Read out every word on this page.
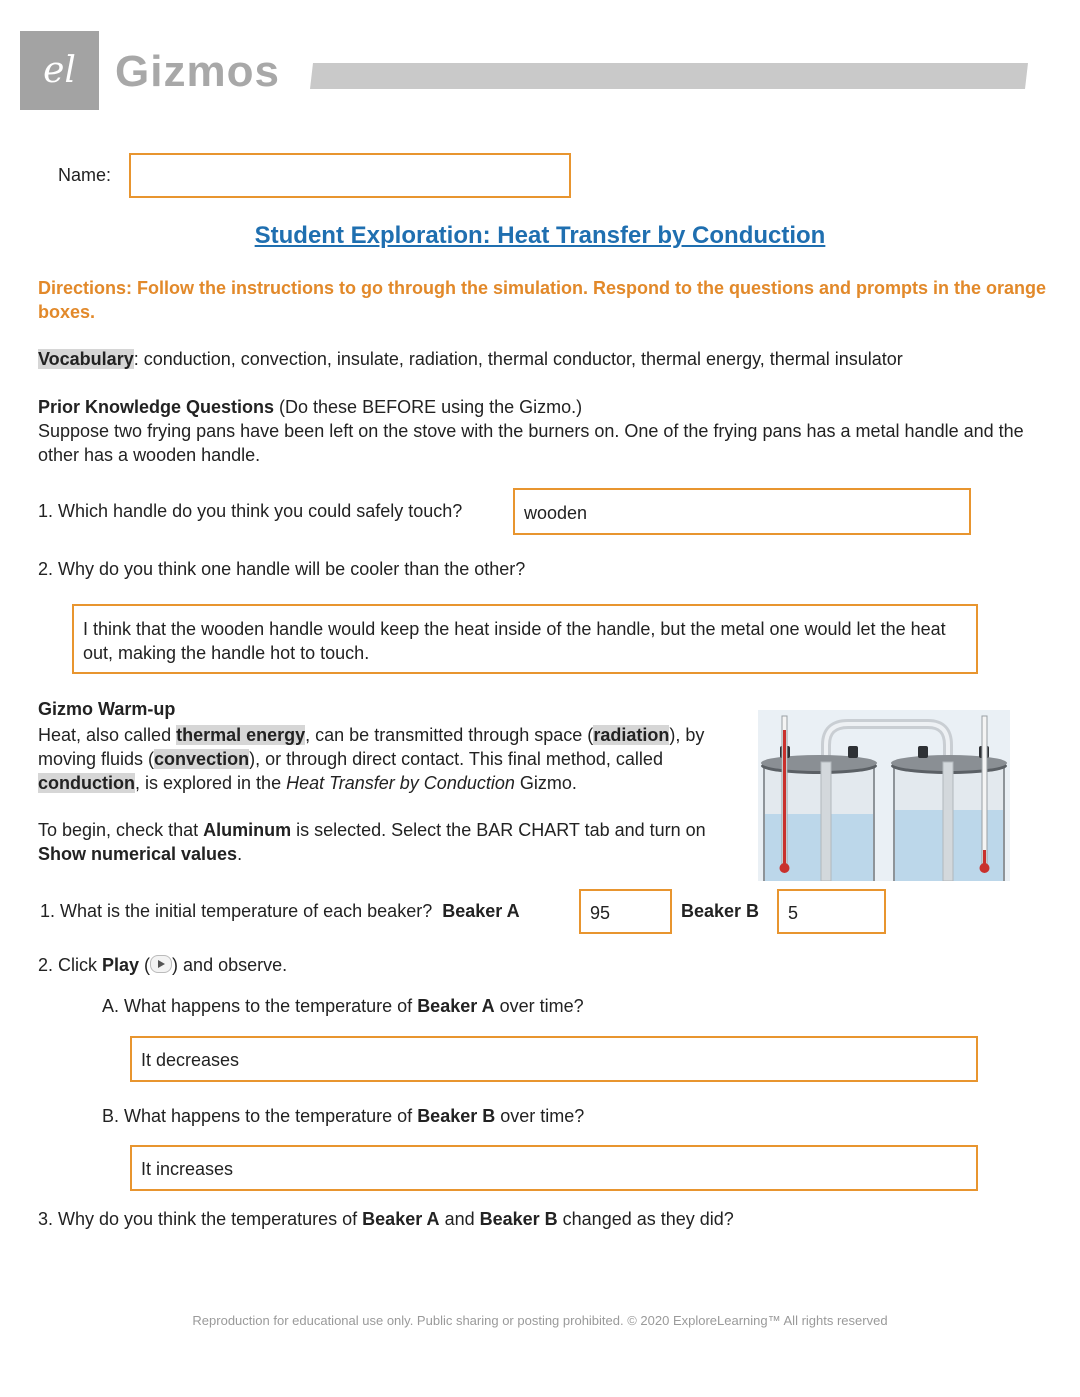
el Gizmos
Name:
Student Exploration: Heat Transfer by Conduction
Directions: Follow the instructions to go through the simulation. Respond to the questions and prompts in the orange boxes.
Vocabulary: conduction, convection, insulate, radiation, thermal conductor, thermal energy, thermal insulator
Prior Knowledge Questions (Do these BEFORE using the Gizmo.)
Suppose two frying pans have been left on the stove with the burners on. One of the frying pans has a metal handle and the other has a wooden handle.
1. Which handle do you think you could safely touch?	wooden
2. Why do you think one handle will be cooler than the other?
I think that the wooden handle would keep the heat inside of the handle, but the metal one would let the heat out, making the handle hot to touch.
Gizmo Warm-up
Heat, also called thermal energy, can be transmitted through space (radiation), by moving fluids (convection), or through direct contact. This final method, called conduction, is explored in the Heat Transfer by Conduction Gizmo.
To begin, check that Aluminum is selected. Select the BAR CHART tab and turn on Show numerical values.
1. What is the initial temperature of each beaker? Beaker A	95	Beaker B 5
2. Click Play ( ) and observe.
A. What happens to the temperature of Beaker A over time?
It decreases
B. What happens to the temperature of Beaker B over time?
It increases
3. Why do you think the temperatures of Beaker A and Beaker B changed as they did?
Reproduction for educational use only. Public sharing or posting prohibited. © 2020 ExploreLearning™ All rights reserved
